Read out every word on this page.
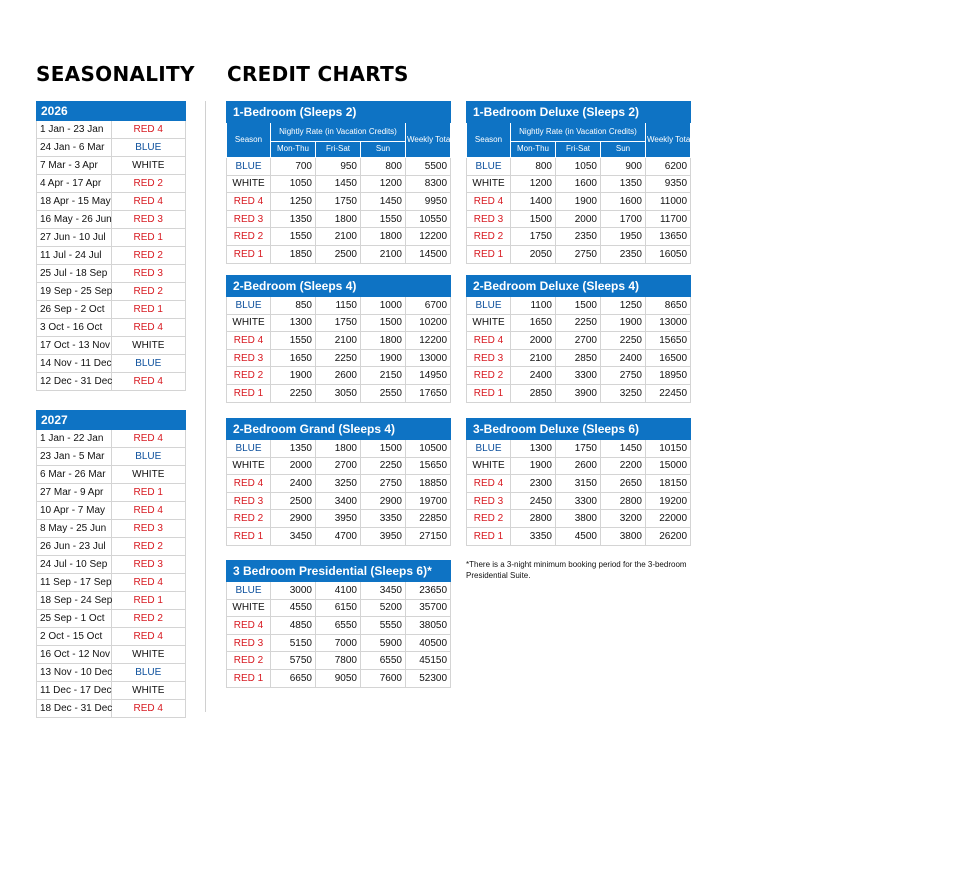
SEASONALITY CREDIT CHARTS
2026	
1 Jan - 23 Jan	RED 4
24 Jan - 6 Mar	BLUE
7 Mar - 3 Apr	WHITE
4 Apr - 17 Apr	RED 2
18 Apr - 15 May	RED 4
16 May - 26 Jun	RED 3
27 Jun - 10 Jul	RED 1
11 Jul - 24 Jul	RED 2
25 Jul - 18 Sep	RED 3
19 Sep - 25 Sep	RED 2
26 Sep - 2 Oct	RED 1
3 Oct - 16 Oct	RED 4
17 Oct - 13 Nov	WHITE
14 Nov - 11 Dec	BLUE
12 Dec - 31 Dec	RED 4
2027	
1 Jan - 22 Jan	RED 4
23 Jan - 5 Mar	BLUE
6 Mar - 26 Mar	WHITE
27 Mar - 9 Apr	RED 1
10 Apr - 7 May	RED 4
8 May - 25 Jun	RED 3
26 Jun - 23 Jul	RED 2
24 Jul - 10 Sep	RED 3
11 Sep - 17 Sep	RED 4
18 Sep - 24 Sep	RED 1
25 Sep - 1 Oct	RED 2
2 Oct - 15 Oct	RED 4
16 Oct - 12 Nov	WHITE
13 Nov - 10 Dec	BLUE
11 Dec - 17 Dec	WHITE
18 Dec - 31 Dec	RED 4
1-Bedroom (Sleeps 2)				
Season	Nightly Rate (in Vacation Credits)			Weekly Total
	Mon-Thu	Fri-Sat	Sun	
BLUE	700	950	800	5500
WHITE	1050	1450	1200	8300
RED 4	1250	1750	1450	9950
RED 3	1350	1800	1550	10550
RED 2	1550	2100	1800	12200
RED 1	1850	2500	2100	14500
1-Bedroom Deluxe (Sleeps 2)				
Season	Nightly Rate (in Vacation Credits)			Weekly Total
	Mon-Thu	Fri-Sat	Sun	
BLUE	800	1050	900	6200
WHITE	1200	1600	1350	9350
RED 4	1400	1900	1600	11000
RED 3	1500	2000	1700	11700
RED 2	1750	2350	1950	13650
RED 1	2050	2750	2350	16050
2-Bedroom (Sleeps 4)				
BLUE	850	1150	1000	6700
WHITE	1300	1750	1500	10200
RED 4	1550	2100	1800	12200
RED 3	1650	2250	1900	13000
RED 2	1900	2600	2150	14950
RED 1	2250	3050	2550	17650
2-Bedroom Deluxe (Sleeps 4)				
BLUE	1100	1500	1250	8650
WHITE	1650	2250	1900	13000
RED 4	2000	2700	2250	15650
RED 3	2100	2850	2400	16500
RED 2	2400	3300	2750	18950
RED 1	2850	3900	3250	22450
2-Bedroom Grand (Sleeps 4)				
BLUE	1350	1800	1500	10500
WHITE	2000	2700	2250	15650
RED 4	2400	3250	2750	18850
RED 3	2500	3400	2900	19700
RED 2	2900	3950	3350	22850
RED 1	3450	4700	3950	27150
3-Bedroom Deluxe (Sleeps 6)				
BLUE	1300	1750	1450	10150
WHITE	1900	2600	2200	15000
RED 4	2300	3150	2650	18150
RED 3	2450	3300	2800	19200
RED 2	2800	3800	3200	22000
RED 1	3350	4500	3800	26200
3 Bedroom Presidential (Sleeps 6)*				
BLUE	3000	4100	3450	23650
WHITE	4550	6150	5200	35700
RED 4	4850	6550	5550	38050
RED 3	5150	7000	5900	40500
RED 2	5750	7800	6550	45150
RED 1	6650	9050	7600	52300
*There is a 3-night minimum booking period for the 3-bedroom Presidential Suite.
